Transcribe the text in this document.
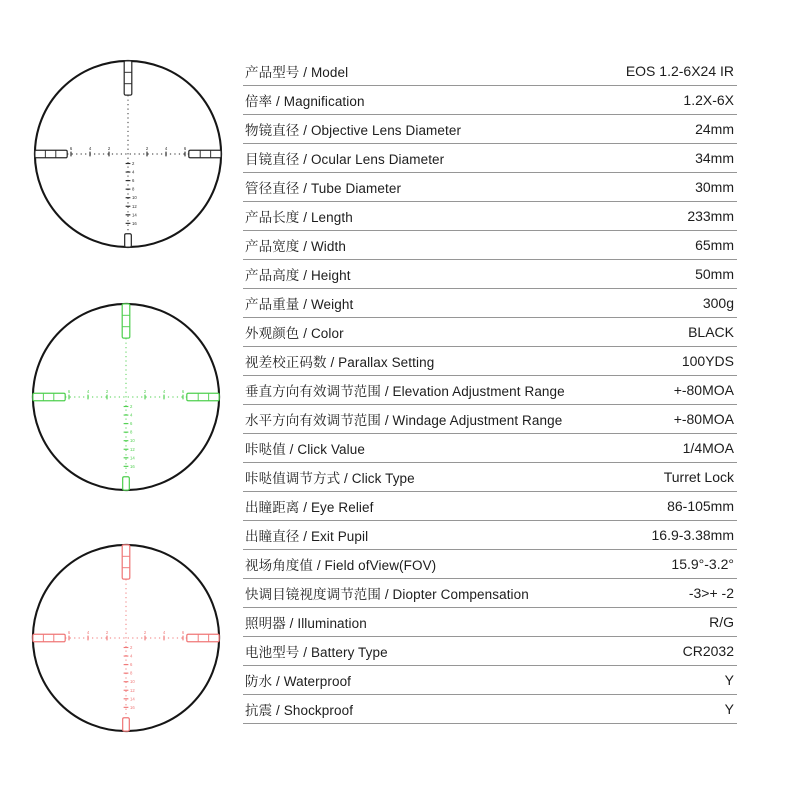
2	2
4	4
6	6
2
4
6
8
10
12
14
16
2	2
4	4
6	6
2
4
6
8
10
12
14
16
2	2
4	4
6	6
2
4
6
8
10
12
14
16
产品型号 / Model	EOS 1.2-6X24 IR
倍率 / Magnification	1.2X-6X
物镜直径 / Objective Lens Diameter	24mm
目镜直径 / Ocular Lens Diameter	34mm
管径直径 / Tube Diameter	30mm
产品长度 / Length	233mm
产品宽度 / Width	65mm
产品高度 / Height	50mm
产品重量 / Weight	300g
外观颜色 / Color	BLACK
视差校正码数 / Parallax Setting	100YDS
垂直方向有效调节范围 / Elevation Adjustment Range	+-80MOA
水平方向有效调节范围 / Windage Adjustment Range	+-80MOA
咔哒值 / Click Value	1/4MOA
咔哒值调节方式 / Click Type	Turret Lock
出瞳距离 / Eye Relief	86-105mm
出瞳直径 / Exit Pupil	16.9-3.38mm
视场角度值 / Field ofView(FOV)	15.9°-3.2°
快调目镜视度调节范围 / Diopter Compensation	-3>+ -2
照明器 / Illumination	R/G
电池型号 / Battery Type	CR2032
防水 / Waterproof	Y
抗震 / Shockproof	Y
